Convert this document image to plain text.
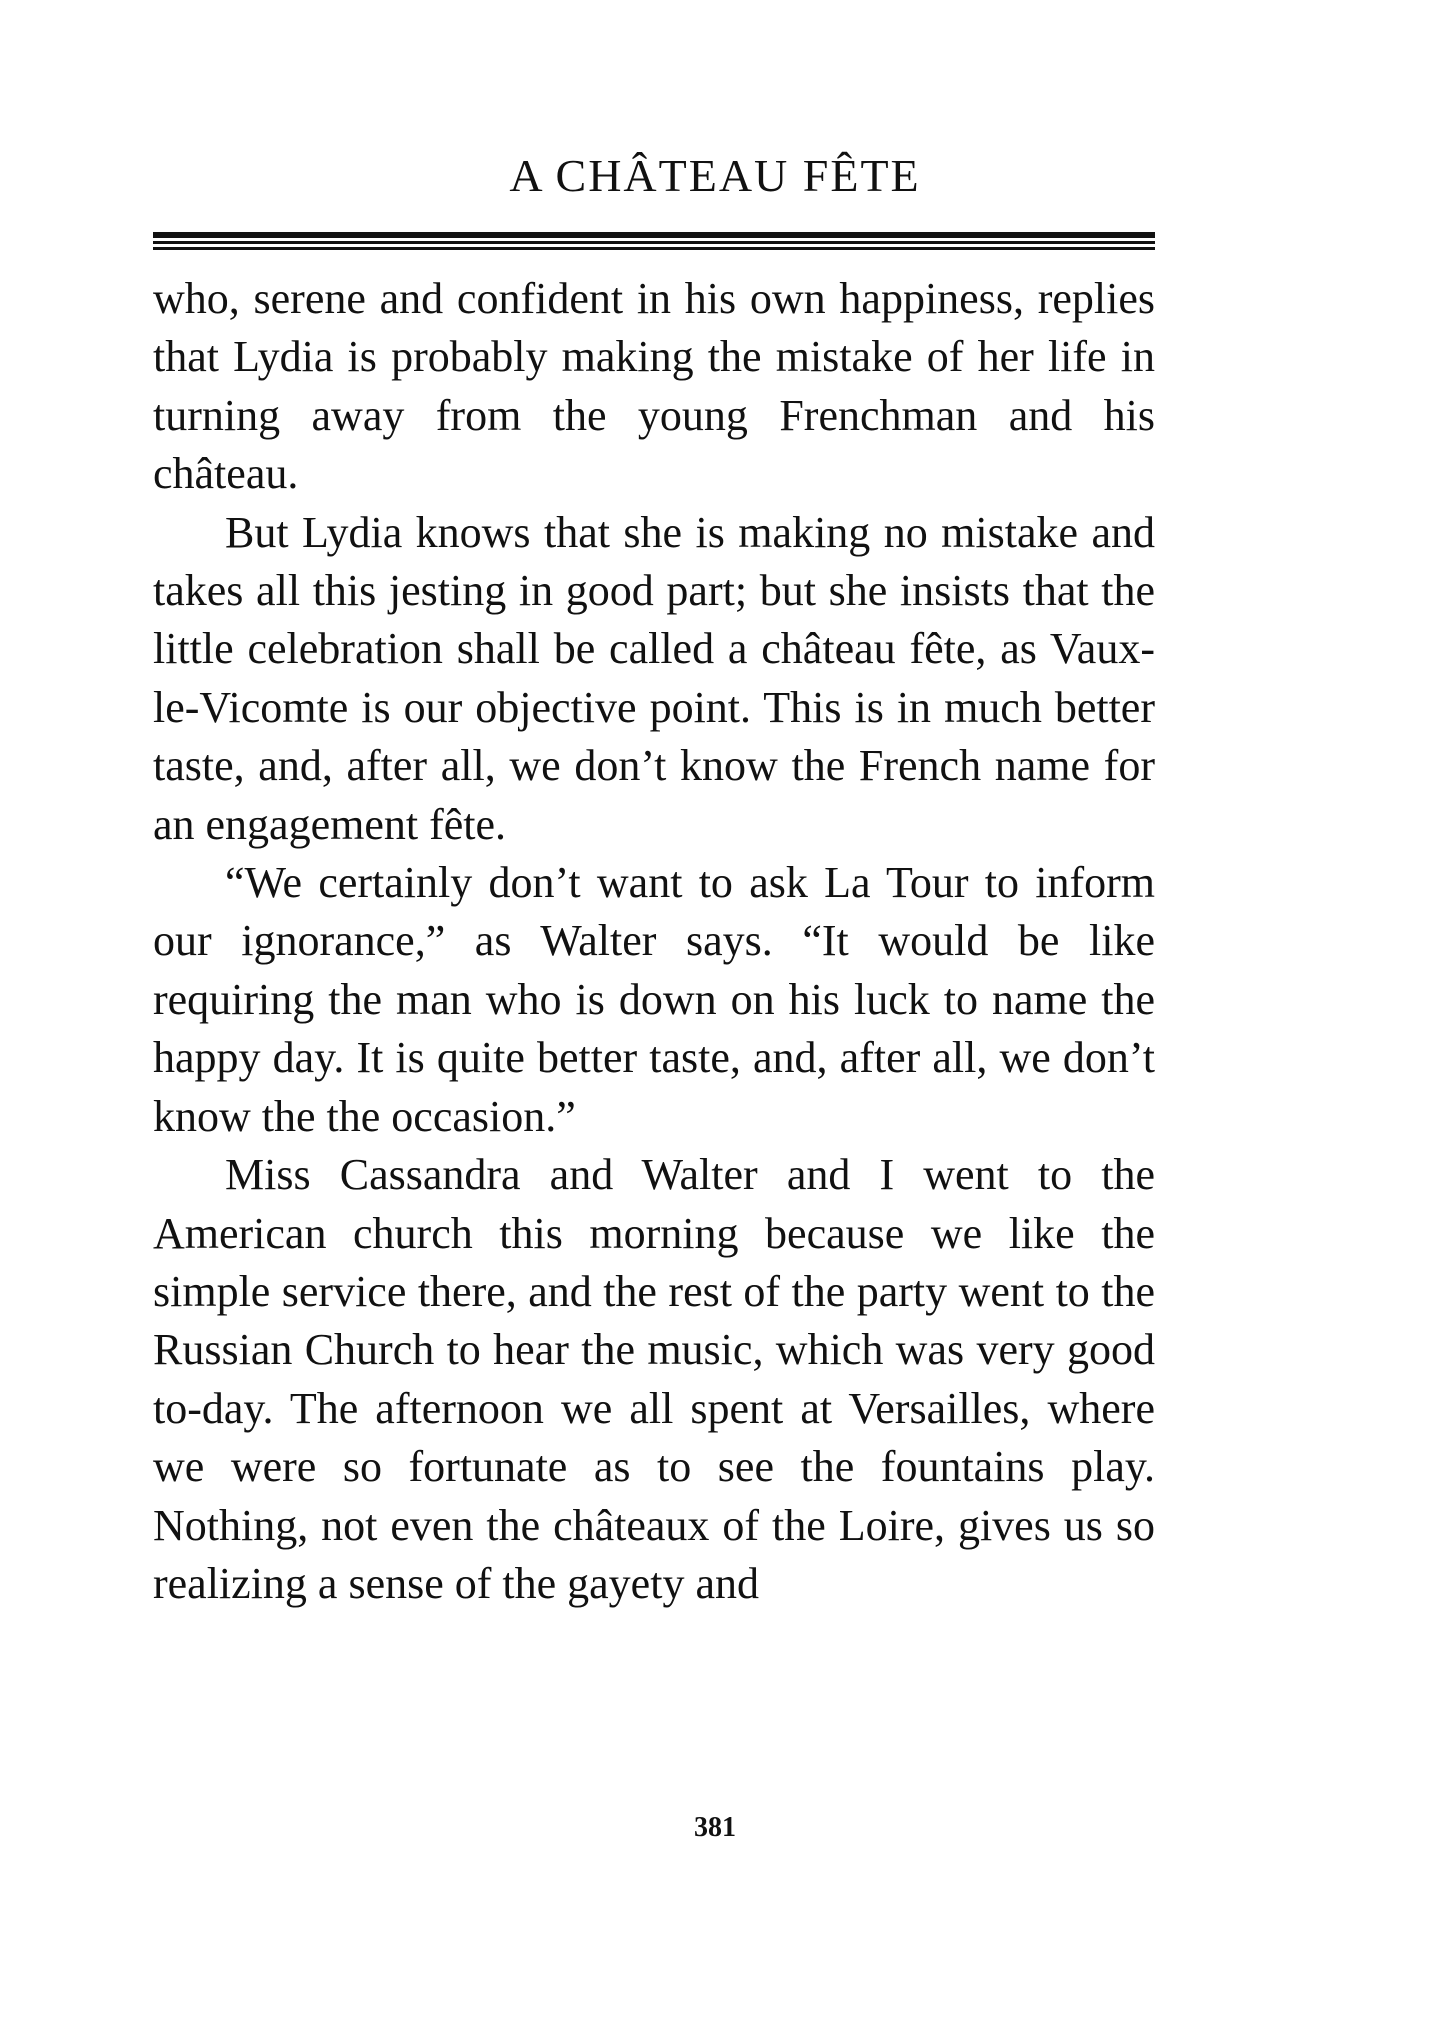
A CHÂTEAU FÊTE

who, serene and confident in his own happiness, replies that Lydia is probably making the mistake of her life in turning away from the young Frenchman and his château.

But Lydia knows that she is making no mistake and takes all this jesting in good part; but she insists that the little celebration shall be called a château fête, as Vaux-le-Vicomte is our objective point. This is in much better taste, and, after all, we don’t know the French name for an engagement fête.

“We certainly don’t want to ask La Tour to inform our ignorance,” as Walter says. “It would be like requiring the man who is down on his luck to name the happy day. It is quite better taste, and, after all, we don’t know the the occasion.”

Miss Cassandra and Walter and I went to the American church this morning because we like the simple service there, and the rest of the party went to the Russian Church to hear the music, which was very good to-day. The afternoon we all spent at Versailles, where we were so fortunate as to see the fountains play. Nothing, not even the châteaux of the Loire, gives us so realizing a sense of the gayety and

381
